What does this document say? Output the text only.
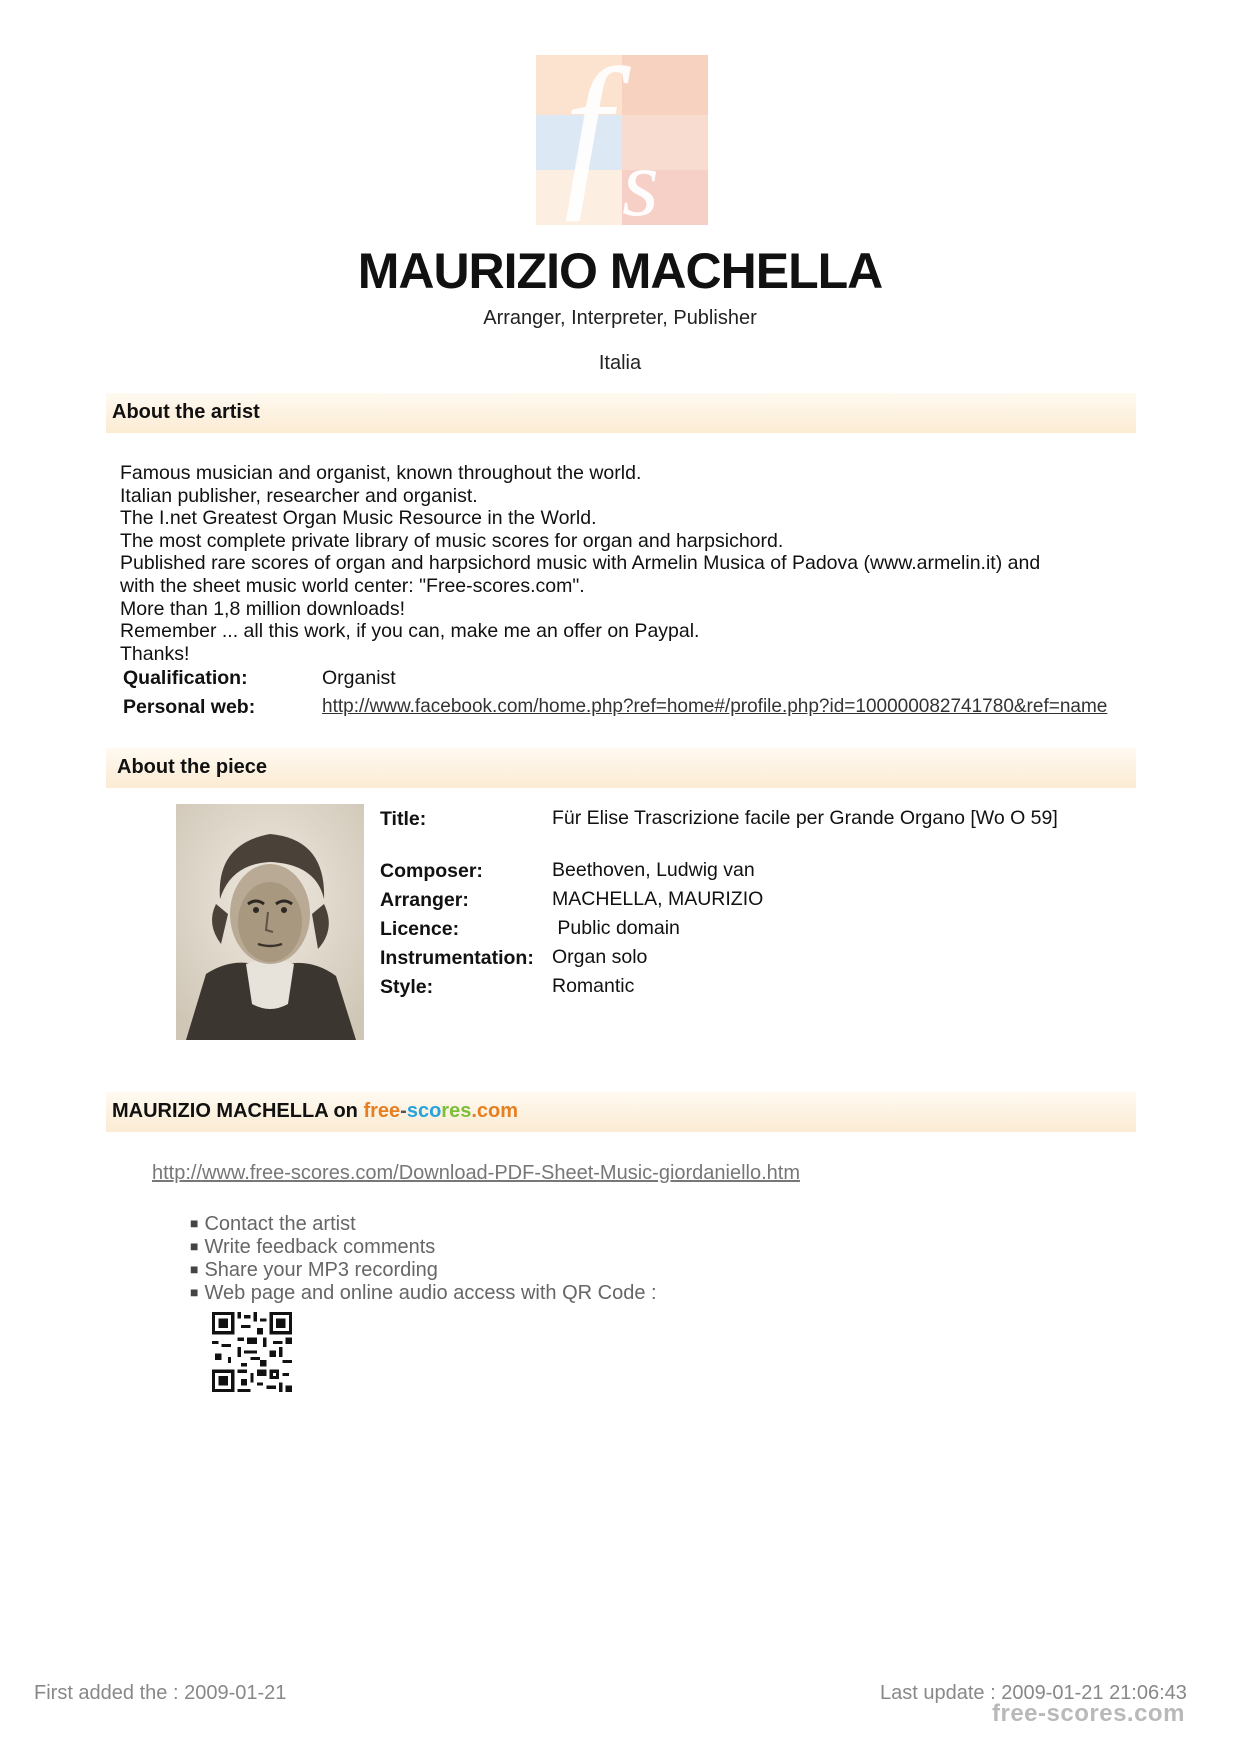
f s
MAURIZIO MACHELLA
Arranger, Interpreter, Publisher
Italia
About the artist
Famous musician and organist, known throughout the world.
Italian publisher, researcher and organist.
The I.net Greatest Organ Music Resource in the World.
The most complete private library of music scores for organ and harpsichord.
Published rare scores of organ and harpsichord music with Armelin Musica of Padova (www.armelin.it) and
with the sheet music world center: "Free-scores.com".
More than 1,8 million downloads!
Remember ... all this work, if you can, make me an offer on Paypal.
Thanks!
Qualification:	Organist
Personal web:	http://www.facebook.com/home.php?ref=home#/profile.php?id=100000082741780&ref=name
About the piece
Title:	Für Elise Trascrizione facile per Grande Organo [Wo O 59]
Composer:	Beethoven, Ludwig van
Arranger:	MACHELLA, MAURIZIO
Licence:	Public domain
Instrumentation: Organ solo
Style:	Romantic
MAURIZIO MACHELLA on free-scores.com
http://www.free-scores.com/Download-PDF-Sheet-Music-giordaniello.htm
■ Contact the artist
■ Write feedback comments
■ Share your MP3 recording
■ Web page and online audio access with QR Code :
First added the : 2009-01-21	Last update : 2009-01-21 21:06:43
free-scores.com
